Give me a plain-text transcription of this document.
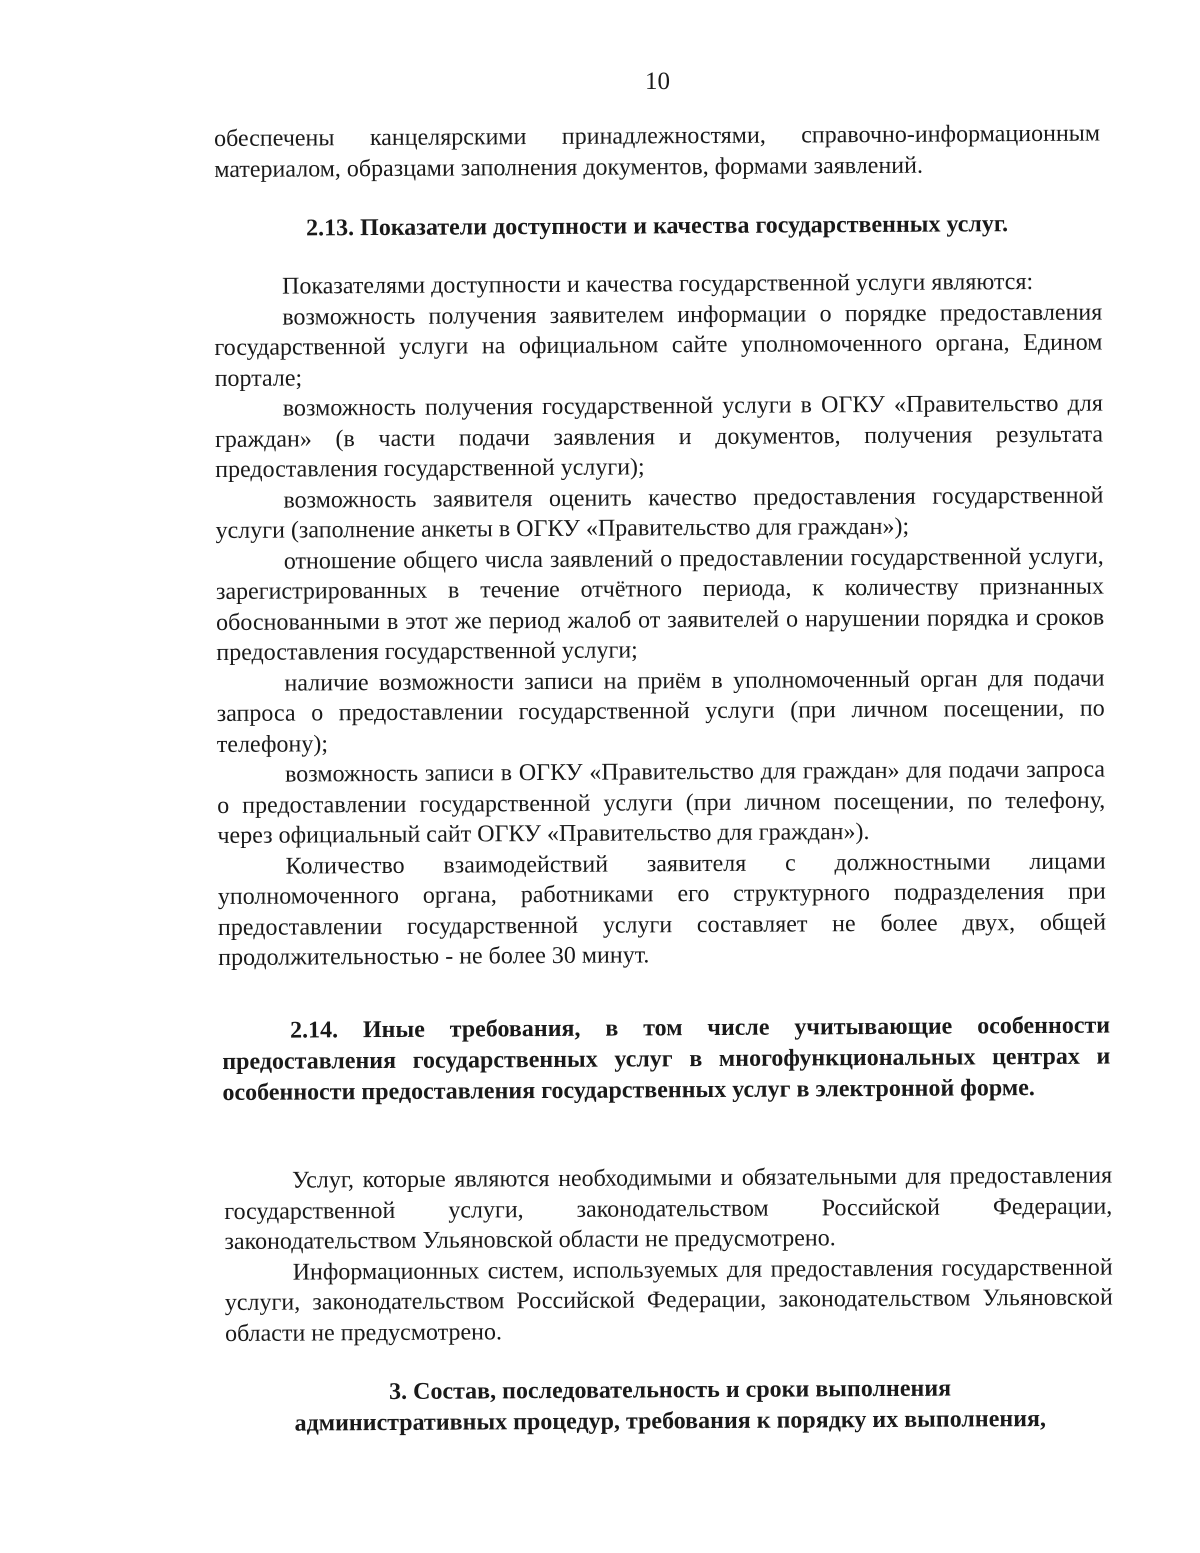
10

обеспечены канцелярскими принадлежностями, справочно-информационным материалом, образцами заполнения документов, формами заявлений.

2.13. Показатели доступности и качества государственных услуг.

Показателями доступности и качества государственной услуги являются:

возможность получения заявителем информации о порядке предоставления государственной услуги на официальном сайте уполномоченного органа, Едином портале;

возможность получения государственной услуги в ОГКУ «Правительство для граждан» (в части подачи заявления и документов, получения результата предоставления государственной услуги);

возможность заявителя оценить качество предоставления государственной услуги (заполнение анкеты в ОГКУ «Правительство для граждан»);

отношение общего числа заявлений о предоставлении государственной услуги, зарегистрированных в течение отчётного периода, к количеству признанных обоснованными в этот же период жалоб от заявителей о нарушении порядка и сроков предоставления государственной услуги;

наличие возможности записи на приём в уполномоченный орган для подачи запроса о предоставлении государственной услуги (при личном посещении, по телефону);

возможность записи в ОГКУ «Правительство для граждан» для подачи запроса о предоставлении государственной услуги (при личном посещении, по телефону, через официальный сайт ОГКУ «Правительство для граждан»).

Количество взаимодействий заявителя с должностными лицами уполномоченного органа, работниками его структурного подразделения при предоставлении государственной услуги составляет не более двух, общей продолжительностью - не более 30 минут.

2.14. Иные требования, в том числе учитывающие особенности предоставления государственных услуг в многофункциональных центрах и особенности предоставления государственных услуг в электронной форме.

Услуг, которые являются необходимыми и обязательными для предоставления государственной услуги, законодательством Российской Федерации, законодательством Ульяновской области не предусмотрено.

Информационных систем, используемых для предоставления государственной услуги, законодательством Российской Федерации, законодательством Ульяновской области не предусмотрено.

3. Состав, последовательность и сроки выполнения
административных процедур, требования к порядку их выполнения,
